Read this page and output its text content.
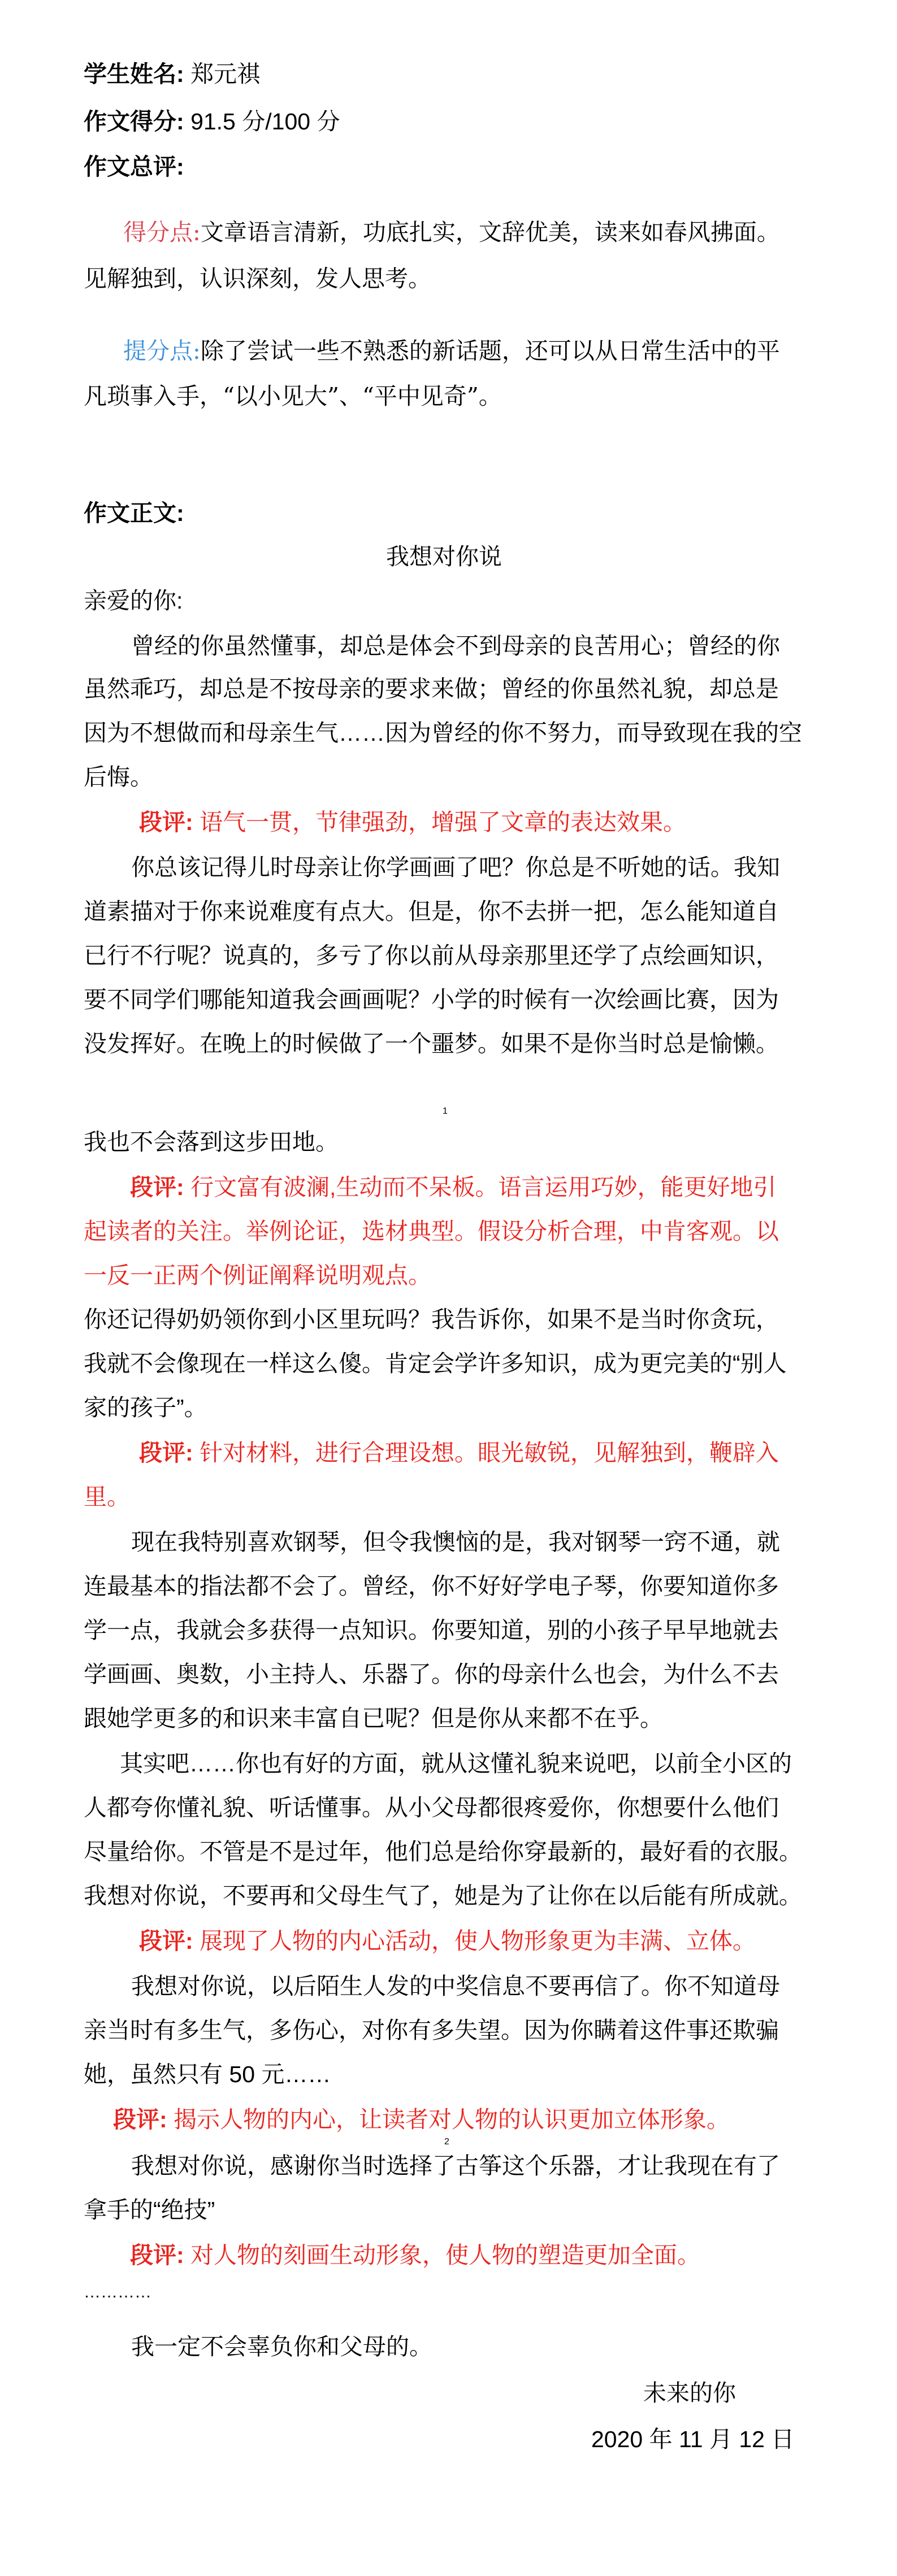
学生姓名: 郑元祺
作文得分: 91.5 分/100 分
作文总评:
得分点:文章语言清新，功底扎实，文辞优美，读来如春风拂面。
见解独到，认识深刻，发人思考。
提分点:除了尝试一些不熟悉的新话题，还可以从日常生活中的平
凡琐事入手，“以小见大”、“平中见奇”。
作文正文:
我想对你说
亲爱的你:
曾经的你虽然懂事，却总是体会不到母亲的良苦用心；曾经的你
虽然乖巧，却总是不按母亲的要求来做；曾经的你虽然礼貌，却总是
因为不想做而和母亲生气……因为曾经的你不努力，而导致现在我的空
后悔。
段评: 语气一贯，节律强劲，增强了文章的表达效果。
你总该记得儿时母亲让你学画画了吧？你总是不听她的话。我知
道素描对于你来说难度有点大。但是，你不去拼一把，怎么能知道自
已行不行呢？说真的，多亏了你以前从母亲那里还学了点绘画知识，
要不同学们哪能知道我会画画呢？小学的时候有一次绘画比赛，因为
没发挥好。在晚上的时候做了一个噩梦。如果不是你当时总是愉懒。
1
我也不会落到这步田地。
段评: 行文富有波澜,生动而不呆板。语言运用巧妙，能更好地引
起读者的关注。举例论证，选材典型。假设分析合理，中肯客观。以
一反一正两个例证阐释说明观点。
你还记得奶奶领你到小区里玩吗？我告诉你，如果不是当时你贪玩，
我就不会像现在一样这么傻。肯定会学许多知识，成为更完美的“别人
家的孩子”。
段评: 针对材料，进行合理设想。眼光敏锐，见解独到，鞭辟入
里。
现在我特别喜欢钢琴，但令我懊恼的是，我对钢琴一窍不通，就
连最基本的指法都不会了。曾经，你不好好学电子琴，你要知道你多
学一点，我就会多获得一点知识。你要知道，别的小孩子早早地就去
学画画、奥数，小主持人、乐器了。你的母亲什么也会，为什么不去
跟她学更多的和识来丰富自已呢？但是你从来都不在乎。
其实吧……你也有好的方面，就从这懂礼貌来说吧，以前全小区的
人都夸你懂礼貌、听话懂事。从小父母都很疼爱你，你想要什么他们
尽量给你。不管是不是过年，他们总是给你穿最新的，最好看的衣服。
我想对你说，不要再和父母生气了，她是为了让你在以后能有所成就。
段评: 展现了人物的内心活动，使人物形象更为丰满、立体。
我想对你说，以后陌生人发的中奖信息不要再信了。你不知道母
亲当时有多生气，多伤心，对你有多失望。因为你瞒着这件事还欺骗
她，虽然只有 50 元……
段评: 揭示人物的内心，让读者对人物的认识更加立体形象。
2
我想对你说，感谢你当时选择了古筝这个乐器，才让我现在有了
拿手的“绝技”
段评: 对人物的刻画生动形象，使人物的塑造更加全面。
…………
我一定不会辜负你和父母的。
未来的你
2020 年 11 月 12 日
